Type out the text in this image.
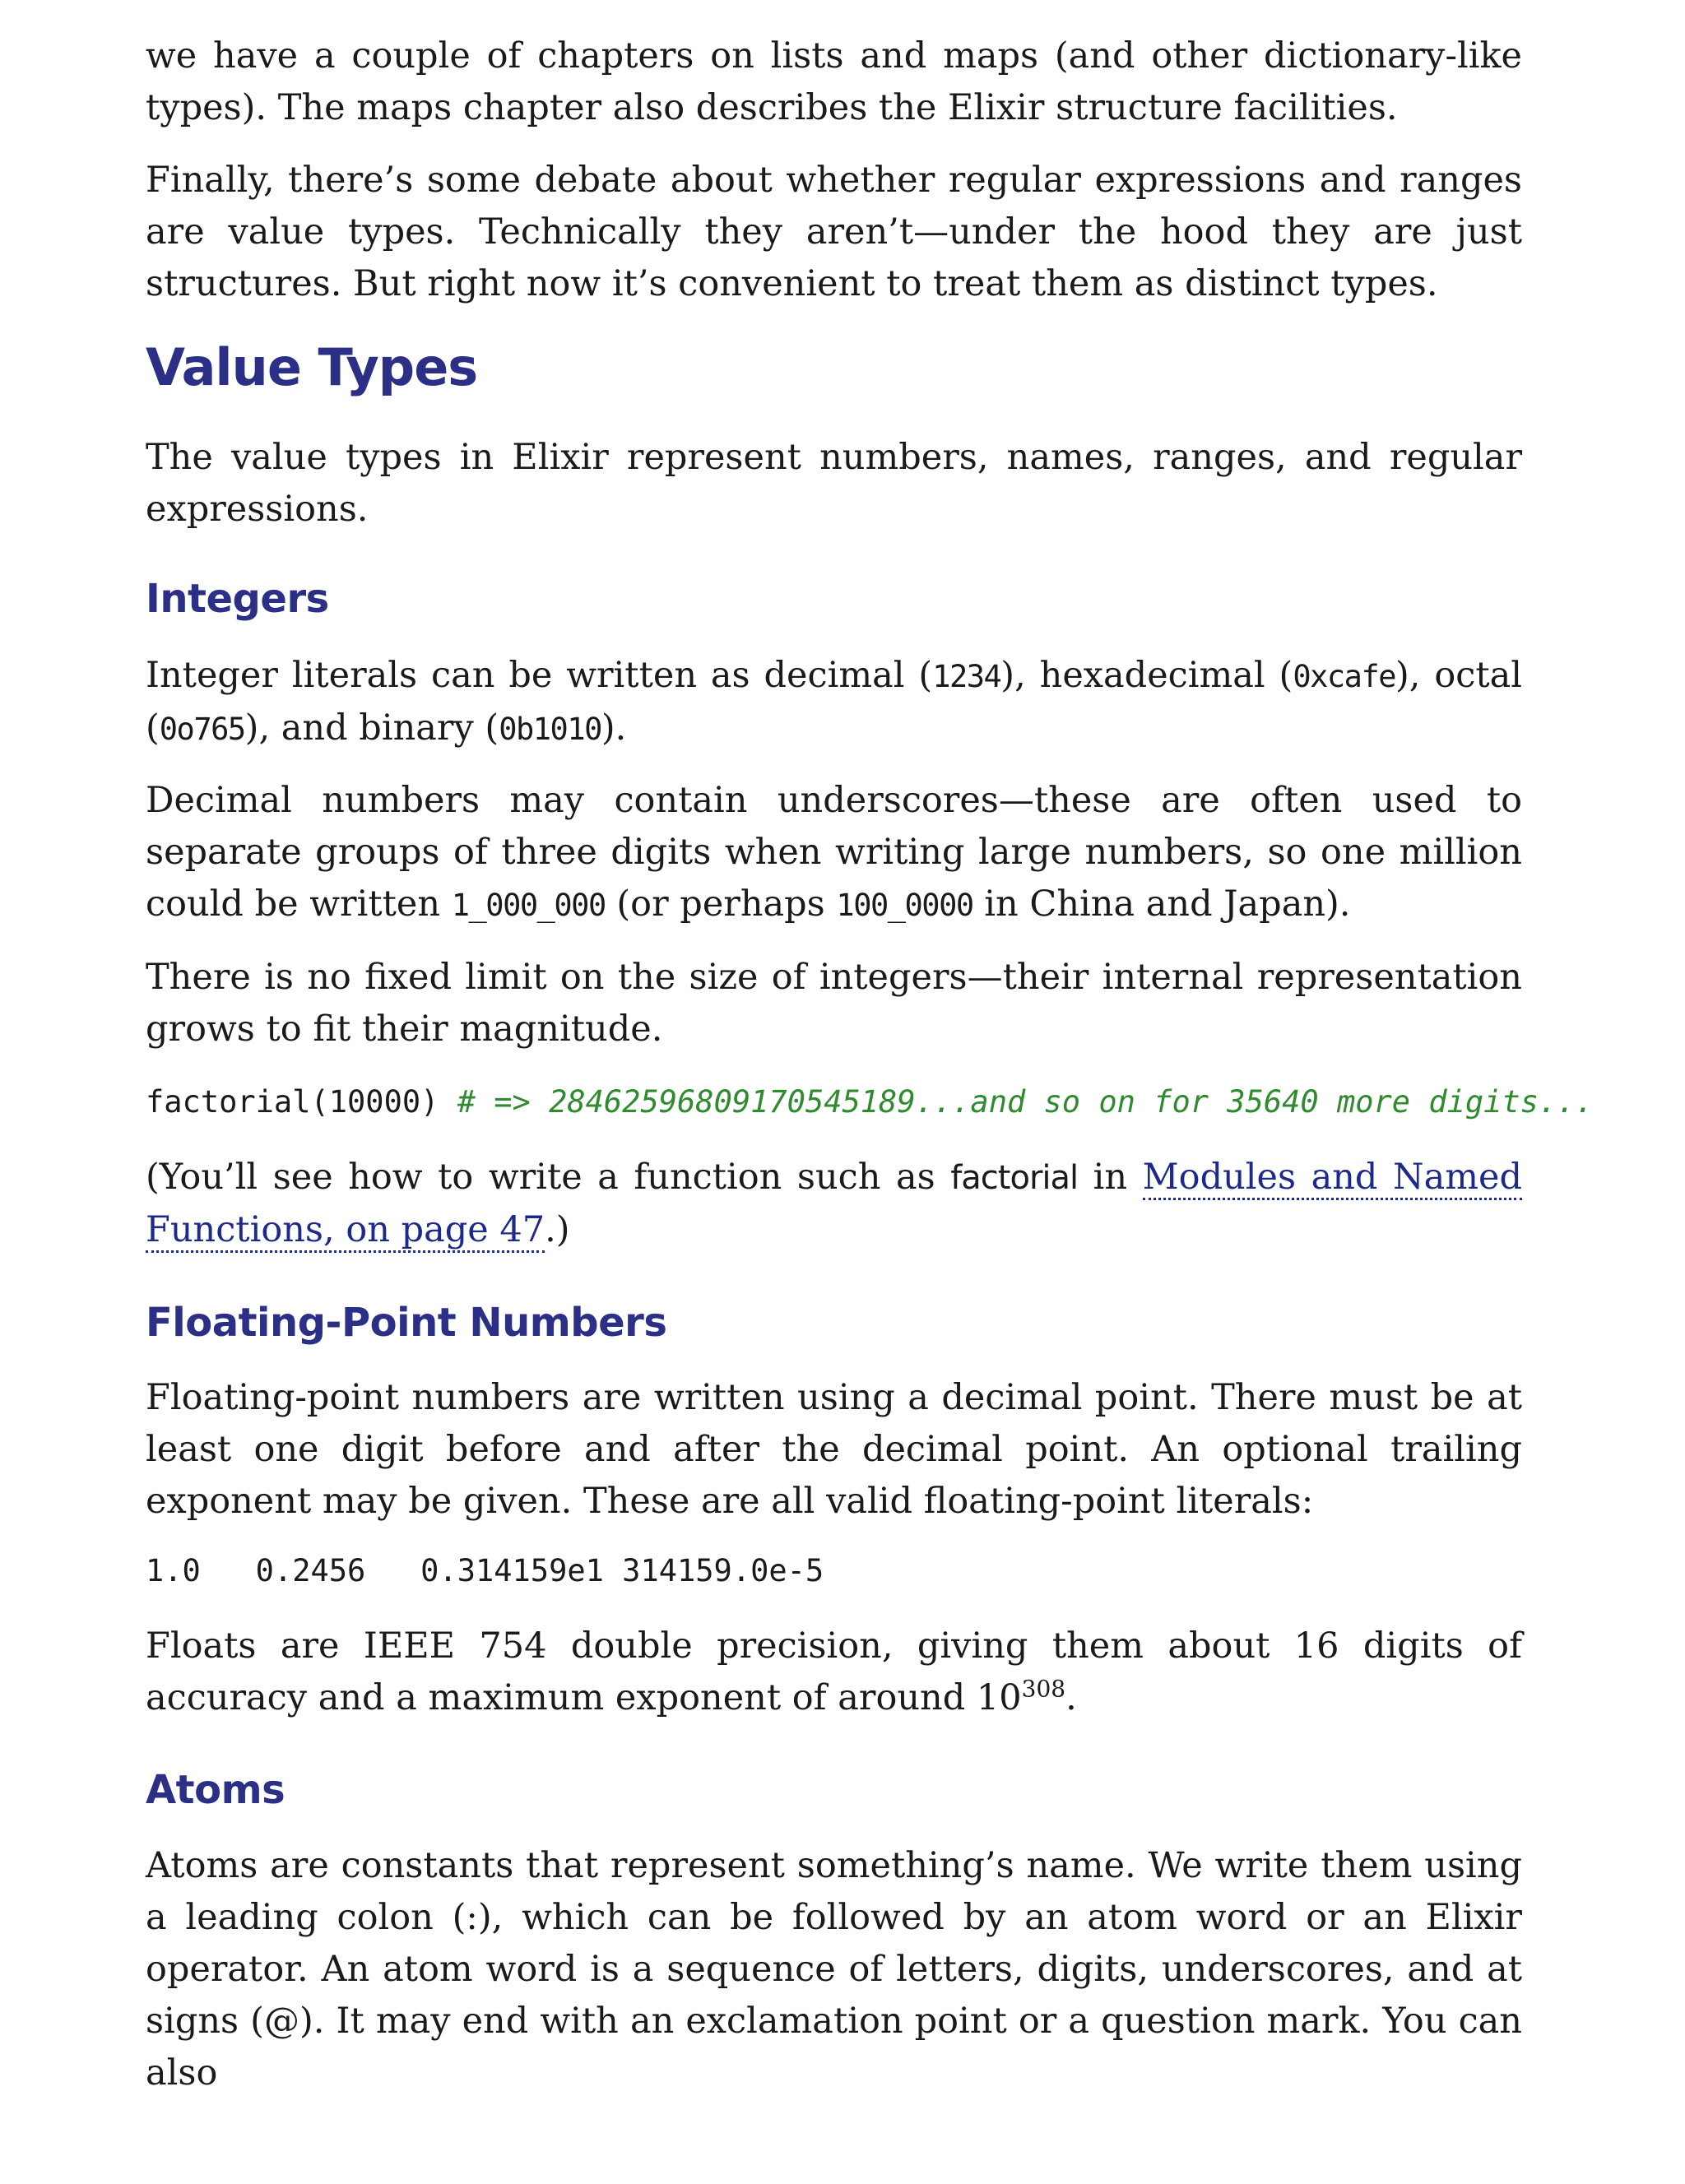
we have a couple of chapters on lists and maps (and other dictionary-like types). The maps chapter also describes the Elixir structure facilities.

Finally, there’s some debate about whether regular expressions and ranges are value types. Technically they aren’t—under the hood they are just structures. But right now it’s convenient to treat them as distinct types.

Value Types

The value types in Elixir represent numbers, names, ranges, and regular expressions.

Integers

Integer literals can be written as decimal (1234), hexadecimal (0xcafe), octal (0o765), and binary (0b1010).

Decimal numbers may contain underscores—these are often used to separate groups of three digits when writing large numbers, so one million could be written 1_000_000 (or perhaps 100_0000 in China and Japan).

There is no fixed limit on the size of integers—their internal representation grows to fit their magnitude.

factorial(10000) # => 28462596809170545189...and so on for 35640 more digits...

(You’ll see how to write a function such as factorial in Modules and Named Functions, on page 47.)

Floating-Point Numbers

Floating-point numbers are written using a decimal point. There must be at least one digit before and after the decimal point. An optional trailing exponent may be given. These are all valid floating-point literals:

1.0   0.2456   0.314159e1 314159.0e-5

Floats are IEEE 754 double precision, giving them about 16 digits of accuracy and a maximum exponent of around $10^{308}$.

Atoms

Atoms are constants that represent something’s name. We write them using a leading colon (:), which can be followed by an atom word or an Elixir operator. An atom word is a sequence of letters, digits, underscores, and at signs (@). It may end with an exclamation point or a question mark. You can also
